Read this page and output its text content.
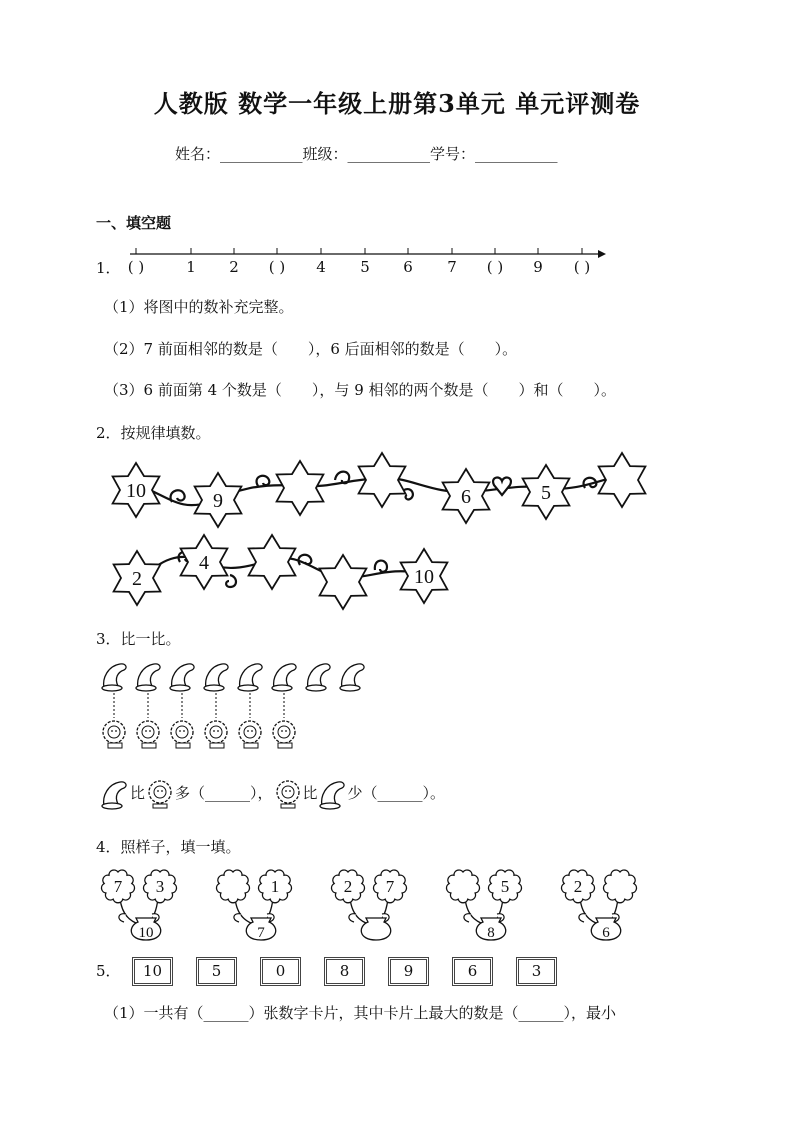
人教版 数学一年级上册第3单元 单元评测卷
姓名：___________班级：___________学号：___________
一、填空题
1． ( )	1 2	( )	4 5 6 7	( )	9	( )
（1）将图中的数补充完整。
（2）7 前面相邻的数是（　　），6 后面相邻的数是（　　）。
（3）6 前面第 4 个数是（　　），与 9 相邻的两个数是（　　）和（　　）。
2．按规律填数。
10	9	6	5
2
4
10
3．比一比。
比 多（______）， 比 少（______）。
4．照样子，填一填。
7 3
10
1
7
2 7	5
8
2
6
5．	10	5	0	8	9	6	3
（1）一共有（______）张数字卡片，其中卡片上最大的数是（______），最小
